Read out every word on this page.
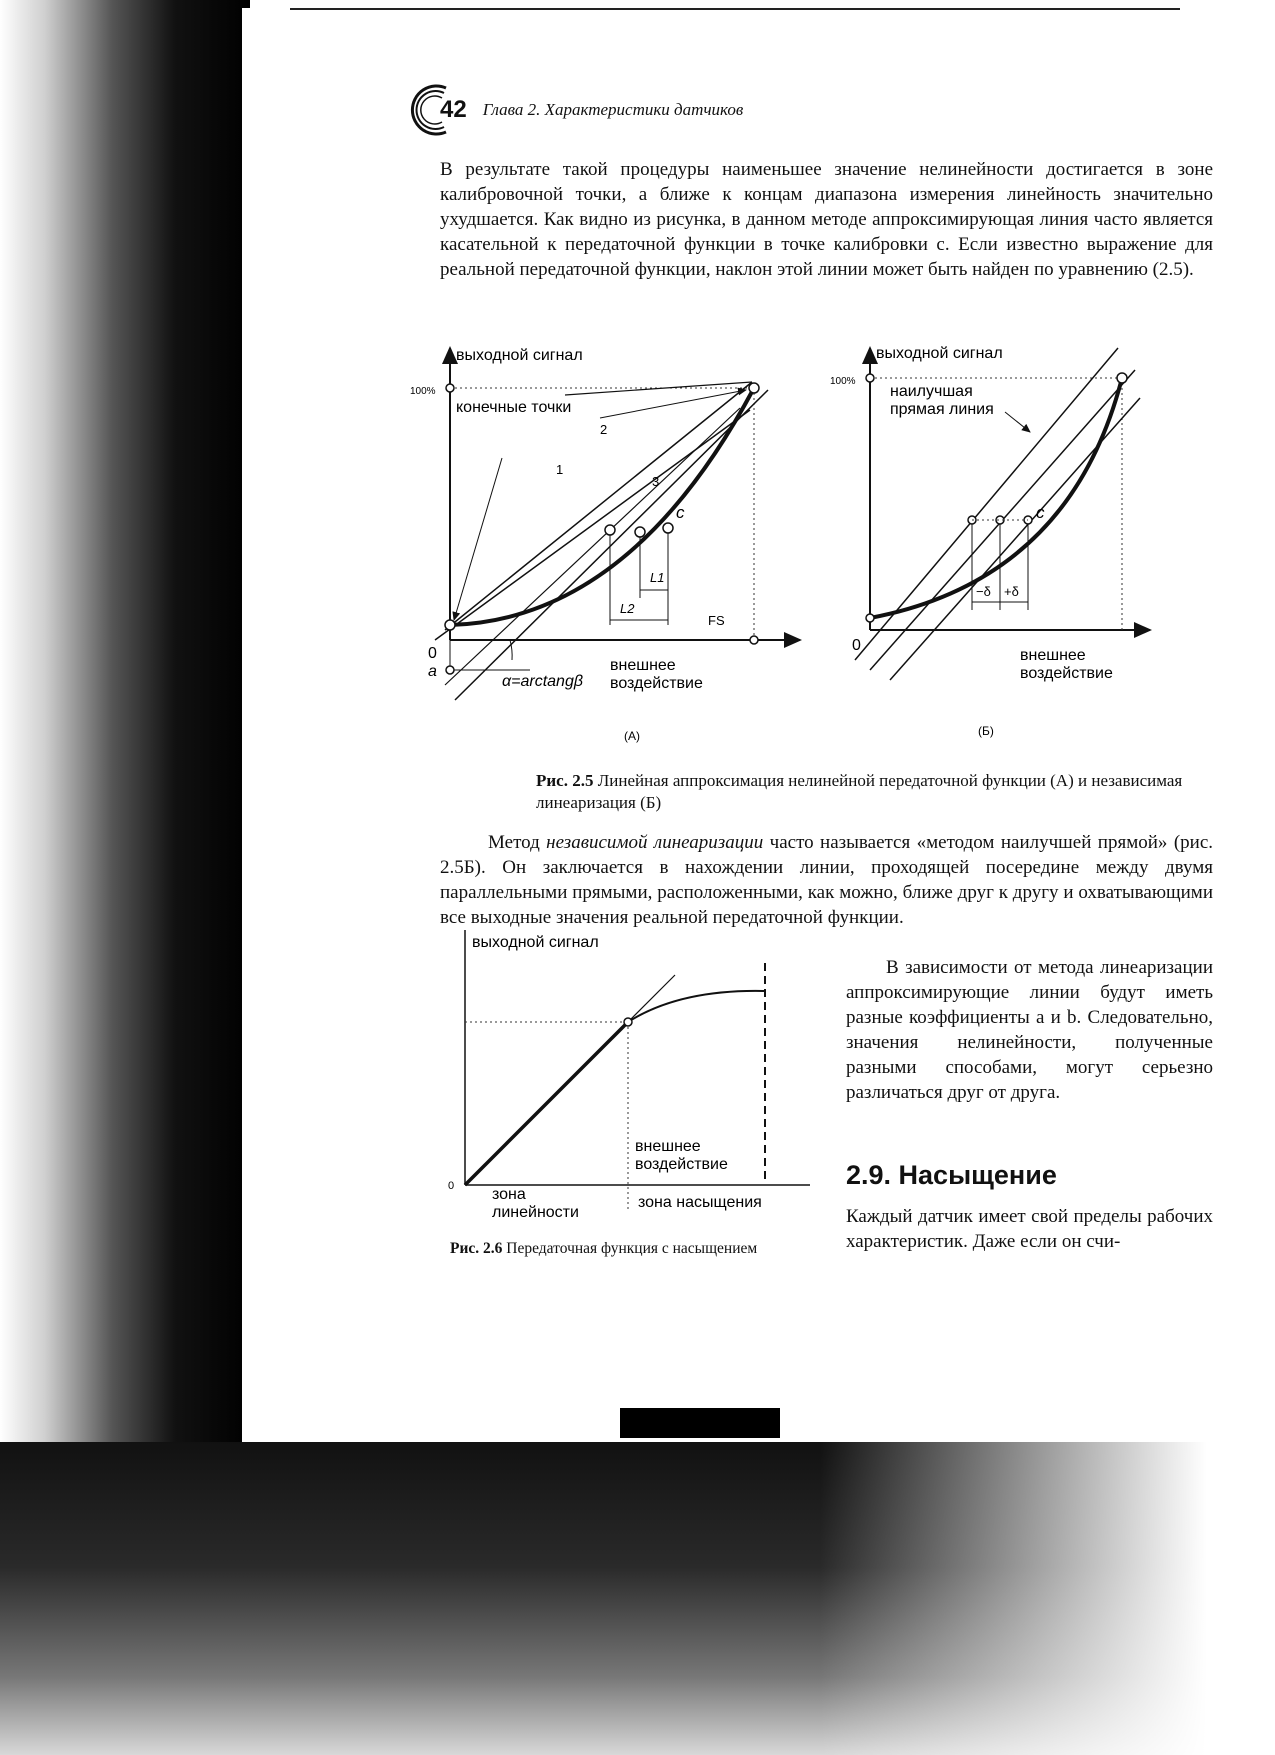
42 Глава 2. Характеристики датчиков

В результате такой процедуры наименьшее значение нелинейности достигается в зоне калибровочной точки, а ближе к концам диапазона измерения линейность значительно ухудшается. Как видно из рисунка, в данном методе аппроксимирующая линия часто является касательной к передаточной функции в точке калибровки c. Если известно выражение для реальной передаточной функции, наклон этой линии может быть найден по уравнению (2.5).

выходной сигнал
100%
конечные точки
2
1
3
c
L1
L2
FS
0
a
α=arctangβ
внешнее
воздействие
(А)
выходной сигнал
100%
наилучшая
прямая линия
c
−δ +δ
0
внешнее
воздействие
(Б)
Рис. 2.5 Линейная аппроксимация нелинейной передаточной функции (А) и независимая линеаризация (Б)

Метод независимой линеаризации часто называется «методом наилучшей прямой» (рис. 2.5Б). Он заключается в нахождении линии, проходящей посередине между двумя параллельными прямыми, расположенными, как можно, ближе друг к другу и охватывающими все выходные значения реальной передаточной функции.

выходной сигнал
0
внешнее
воздействие
зона
линейности
зона насыщения
Рис. 2.6 Передаточная функция с насыщением

В зависимости от метода линеаризации аппроксимирующие линии будут иметь разные коэффициенты a и b. Следовательно, значения нелинейности, полученные разными способами, могут серьезно различаться друг от друга.

2.9. Насыщение

Каждый датчик имеет свой пределы рабочих характеристик. Даже если он счи-
